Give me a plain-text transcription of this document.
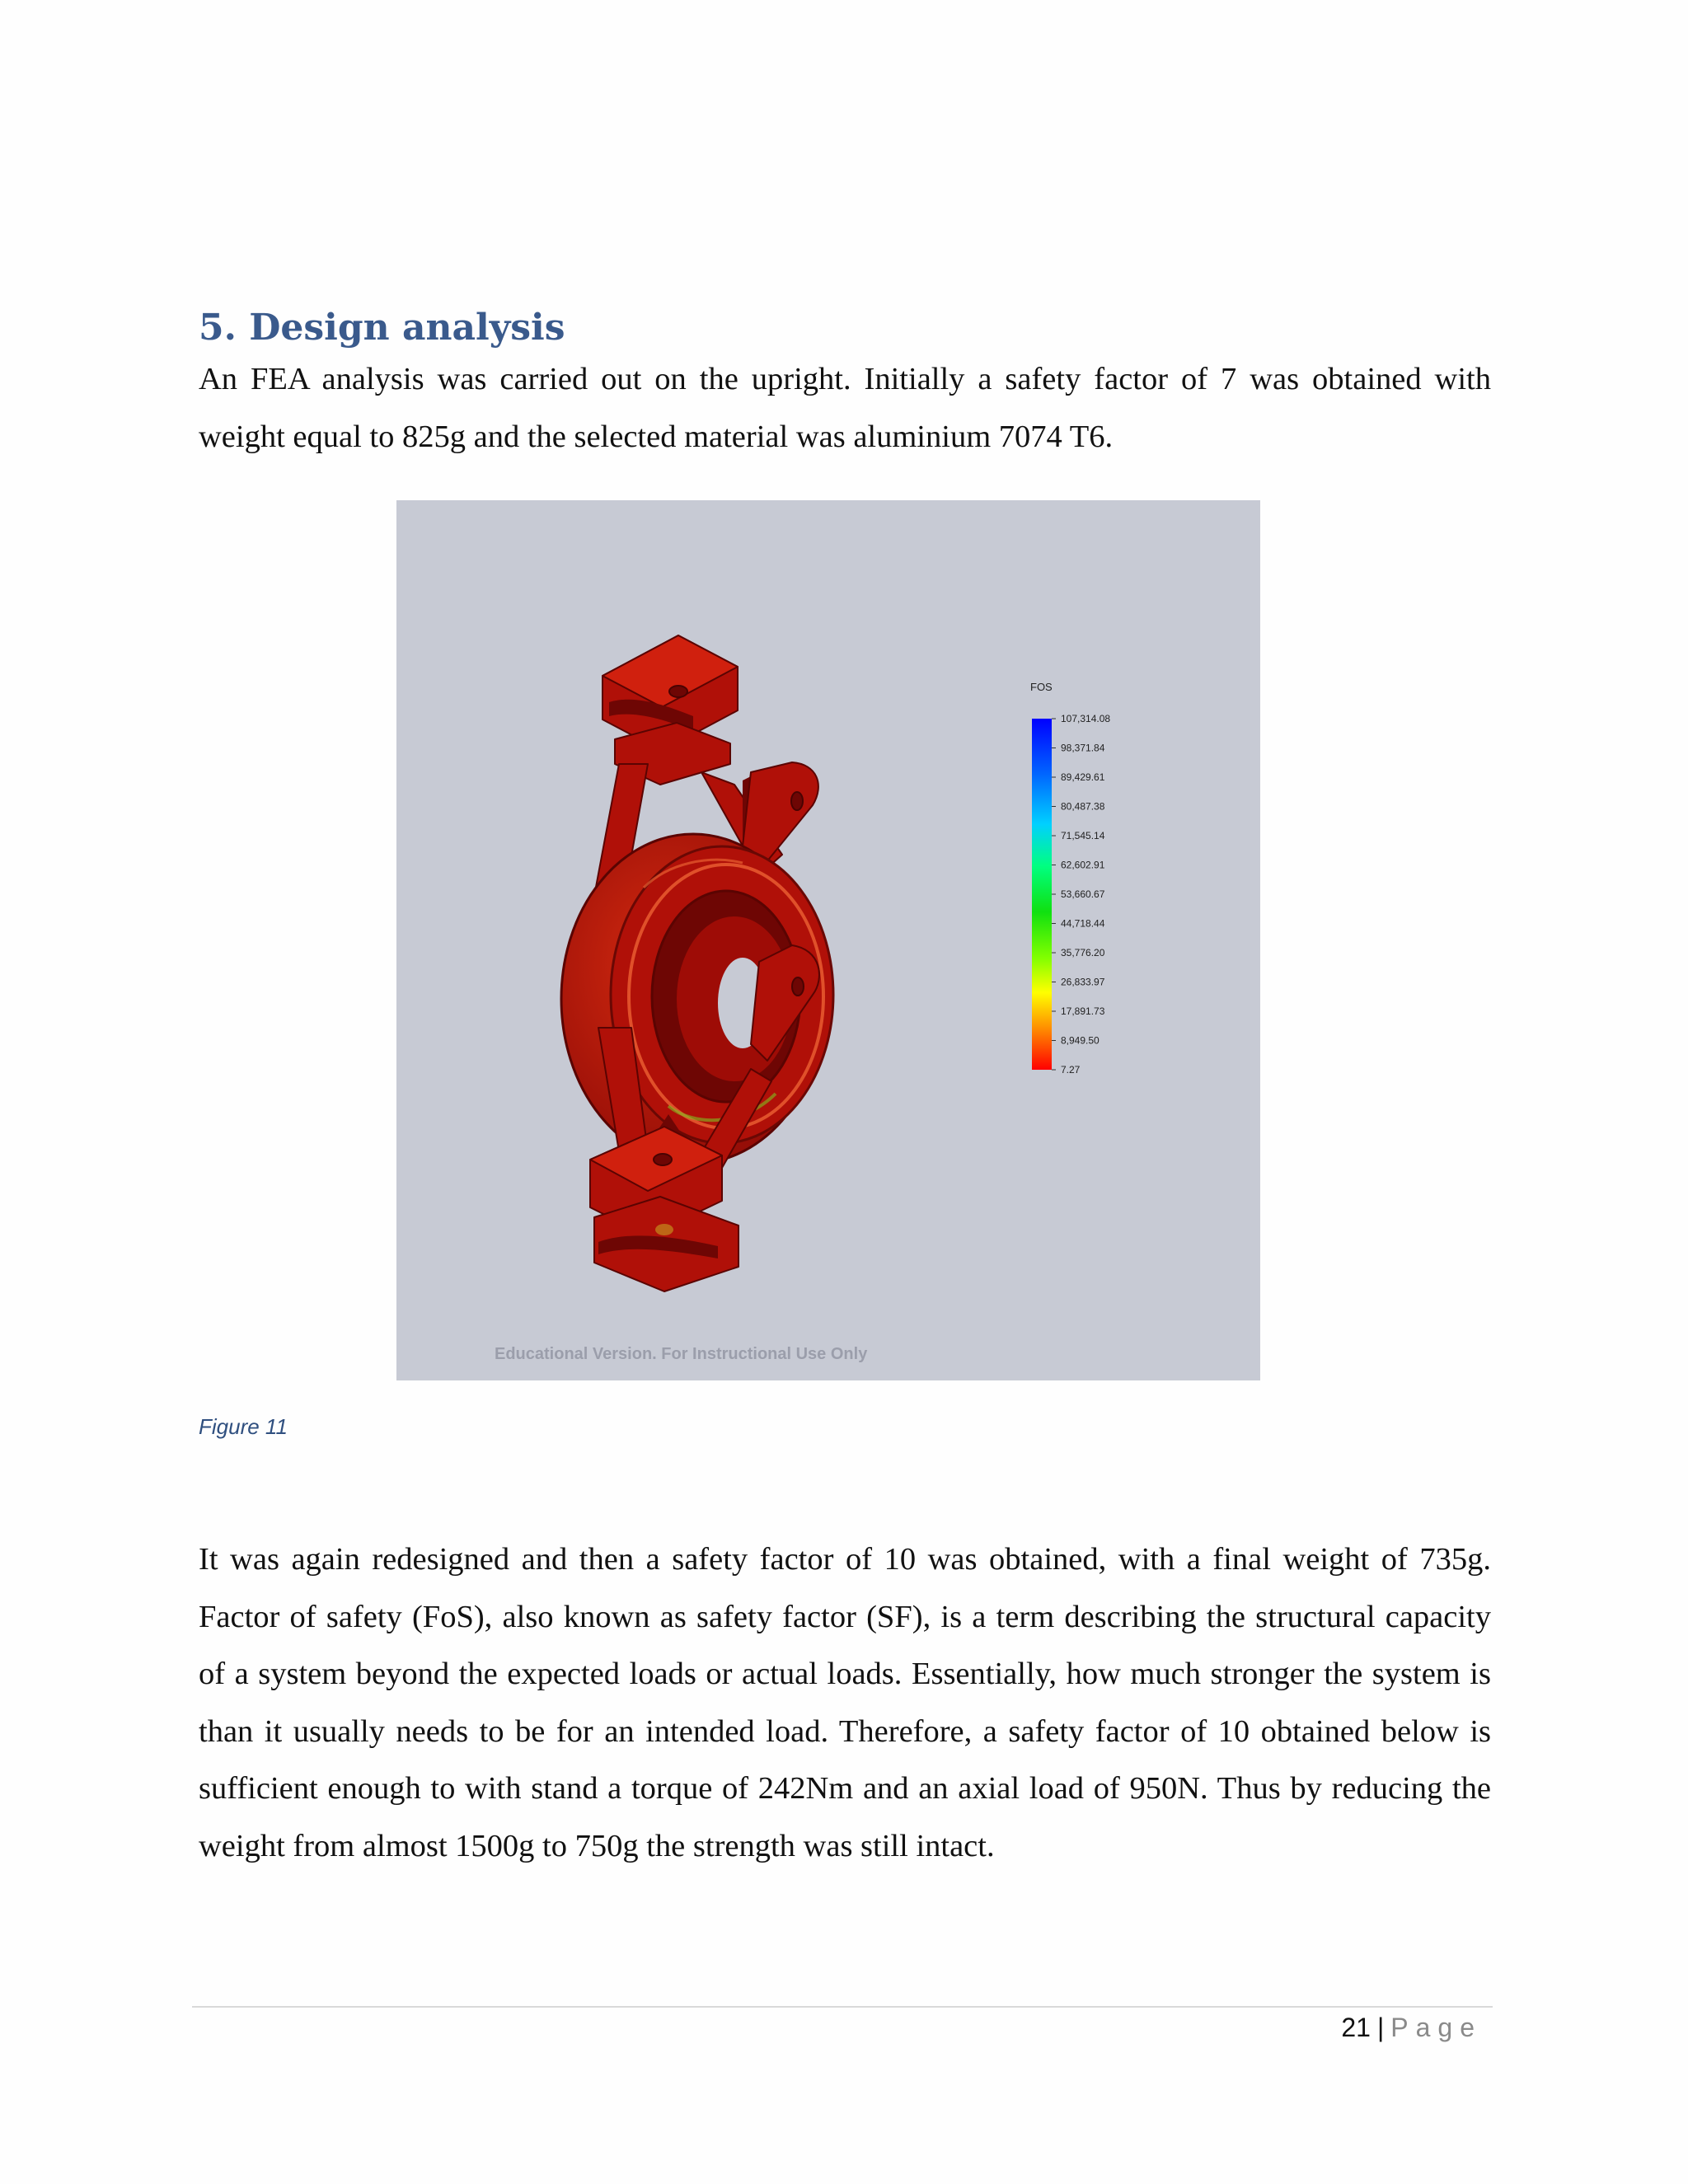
5. Design analysis

An FEA analysis was carried out on the upright. Initially a safety factor of 7 was obtained with weight equal to 825g and the selected material was aluminium 7074 T6.

FOS
107,314.08
98,371.84
89,429.61
80,487.38
71,545.14
62,602.91
53,660.67
44,718.44
35,776.20
26,833.97
17,891.73
8,949.50
7.27
Educational Version. For Instructional Use Only

Figure 11

It was again redesigned and then a safety factor of 10 was obtained, with a final weight of 735g. Factor of safety (FoS), also known as safety factor (SF), is a term describing the structural capacity of a system beyond the expected loads or actual loads. Essentially, how much stronger the system is than it usually needs to be for an intended load. Therefore, a safety factor of 10 obtained below is sufficient enough to with stand a torque of 242Nm and an axial load of 950N. Thus by reducing the weight from almost 1500g to 750g the strength was still intact.

21 | Page
